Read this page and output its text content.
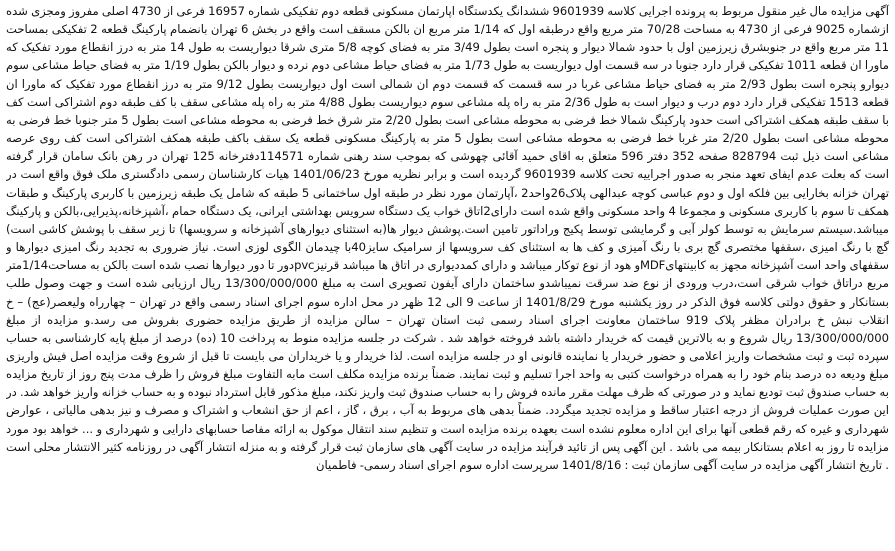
آگهی مزایده مال غیر منقول مربوط به پرونده اجرایی کلاسه 9601939 ششدانگ یکدستگاه اپارتمان مسکونی قطعه دوم تفکیکی شماره 16957 فرعی از 4730 اصلی مفروز ومجزی شده ازشماره 9025 فرعی از 4730 به مساحت 70/28 متر مربع واقع درطبقه اول که 1/14 متر مربع ان بالکن مسقف است واقع در بخش 6 تهران بانضمام پارکینگ قطعه 2 تفکیکی بمساحت 11 متر مربع واقع در جنوبشرق زیرزمین اول با حدود شمالا دیوار و پنجره است بطول 3/49 متر به فضای کوچه 5/8 متری شرقا دیواریست به طول 14 متر به درز انقطاع مورد تفکیک که ماورا ان قطعه 1011 تفکیکی قرار دارد جنوبا در سه قسمت اول دیواریست به طول 1/73 متر به فضای حیاط مشاعی دوم نرده و دیوار بالکن بطول 1/19 متر به فضای حیاط مشاعی سوم دیوارو پنجره است بطول 2/93 متر به فضای حیاط مشاعی غربا در سه قسمت که قسمت دوم ان شمالی است اول دیواریست بطول 9/12 متر به درز انقطاع مورد تفکیک که ماورا ان قطعه 1513 تفکیکی قرار دارد دوم درب و دیوار است به طول 2/36 متر به راه پله مشاعی سوم دیواریست بطول 4/88 متر به راه پله مشاعی سقف با کف طبقه دوم اشتراکی است کف با سقف طبقه همکف اشتراکی است حدود پارکینگ شمالا خط فرضی به محوطه مشاعی است بطول 2/20 متر شرق خط فرضی به محوطه مشاعی است بطول 5 متر جنوبا خط فرضی به محوطه مشاعی است بطول 2/20 متر غربا خط فرضی به محوطه مشاعی است بطول 5 متر به پارکینگ مسکونی قطعه یک سقف باکف طبقه همکف اشتراکی است کف روی عرصه مشاعی است ذیل ثبت 828794 صفحه 352 دفتر 596 متعلق به اقای حمید آقائی چهوشی که بموجب سند رهنی شماره 114571دفترخانه 125 تهران در رهن بانک سامان قرار گرفته است که بعلت عدم ایفای تعهد منجر به صدور اجراییه تحت کلاسه 9601939 گردیده است و برابر نظریه مورخ 1401/06/23 هیات کارشناسان رسمی دادگستری ملک فوق واقع است در تهران خزانه بخارایی بین فلکه اول و دوم عباسی کوچه عبدالهی پلاک26واحد2 ،آپارتمان مورد نظر در طبقه اول ساختمانی 5 طبقه که شامل یک طبقه زیرزمین با کاربری پارکینگ و طبقات همکف تا سوم با کاربری مسکونی و مجموعا 4 واحد مسکونی واقع شده است دارای2اتاق خواب یک دستگاه سرویس بهداشتی ایرانی، یک دستگاه حمام ،آشپزخانه،پذیرایی،بالکن و پارکینگ میباشد.سیستم سرمایش به توسط کولر آبی و گرمایشی توسط پکیج وراداتور تامین است.پوشش دیوار ها(به استثنای دیوارهای آشپزخانه و سرویسها) تا زیر سقف با پوشش کاشی است) گچ با رنگ امیزی ،سقفها مختصری گچ بری با رنگ آمیزی و کف ها به استثنای کف سرویسها از سرامیک سایز40با چیدمان الگوی لوزی است. نیاز ضروری به تجدید رنگ امیزی دیوارها و سقفهای واحد است آشپزخانه مجهز به کابینتهایMDFو هود از نوع توکار میباشد و دارای کمددیواری در اتاق ها میباشد قرنیزpvcدور تا دور دیوارها نصب شده است بالکن به مساحت1/14متر مربع دراتاق خواب شرقی است،درب ورودی از نوع ضد سرقت نمیباشدو ساختمان دارای آیفون تصویری است به مبلغ 13/300/000/000 ریال ارزیابی شده است و جهت وصول طلب بستانکار و حقوق دولتی کلاسه فوق الذکر در روز یکشنبه مورخ 1401/8/29 از ساعت 9 الی 12 ظهر در محل اداره سوم اجرای اسناد رسمی واقع در تهران – چهارراه ولیعصر(عج) – خ انقلاب نبش خ برادران مظفر پلاک 919 ساختمان معاونت اجرای اسناد رسمی ثبت استان تهران – سالن مزایده از طریق مزایده حضوری بفروش می رسد.و مزایده از مبلغ 13/300/000/000 ریال شروع و به بالاترین قیمت که خریدار داشته باشد فروخته خواهد شد . شرکت در جلسه مزایده منوط به پرداخت 10 (ده) درصد از مبلغ پایه کارشناسی به حساب سپرده ثبت و ثبت مشخصات واریز اعلامی و حضور خریدار یا نماینده قانونی او در جلسه مزایده است. لذا خریدار و یا خریداران می بایست تا قبل از شروع وقت مزایده اصل فیش واریزی مبلغ ودیعه ده درصد بنام خود را به همراه درخواست کتبی به واحد اجرا تسلیم و ثبت نمایند. ضمناً برنده مزایده مکلف است مابه التفاوت مبلغ فروش را ظرف مدت پنج روز از تاریخ مزایده به حساب صندوق ثبت تودیع نماید و در صورتی که ظرف مهلت مقرر مانده فروش را به حساب صندوق ثبت واریز نکند، مبلغ مذکور قابل استرداد نبوده و به حساب خزانه واریز خواهد شد. در این صورت عملیات فروش از درجه اعتبار ساقط و مزایده تجدید میگردد. ضمناً بدهی های مربوط به آب ، برق ، گاز ، اعم از حق انشعاب و اشتراک و مصرف و نیز بدهی مالیاتی ، عوارض شهرداری و غیره که رقم قطعی آنها برای این اداره معلوم نشده است بعهده برنده مزایده است و تنظیم سند انتقال موکول به ارائه مفاصا حسابهای دارایی و شهرداری و ... خواهد بود مورد مزایده تا روز به اعلام بستانکار بیمه می باشد . این آگهی پس از تائید فرآیند مزایده در سایت آگهی های سازمان ثبت قرار گرفته و به منزله انتشار آگهی در روزنامه کثیر الانتشار محلی است . تاریخ انتشار آگهی مزایده در سایت آگهی سازمان ثبت : 1401/8/16 سرپرست اداره سوم اجرای اسناد رسمی- فاطمیان
